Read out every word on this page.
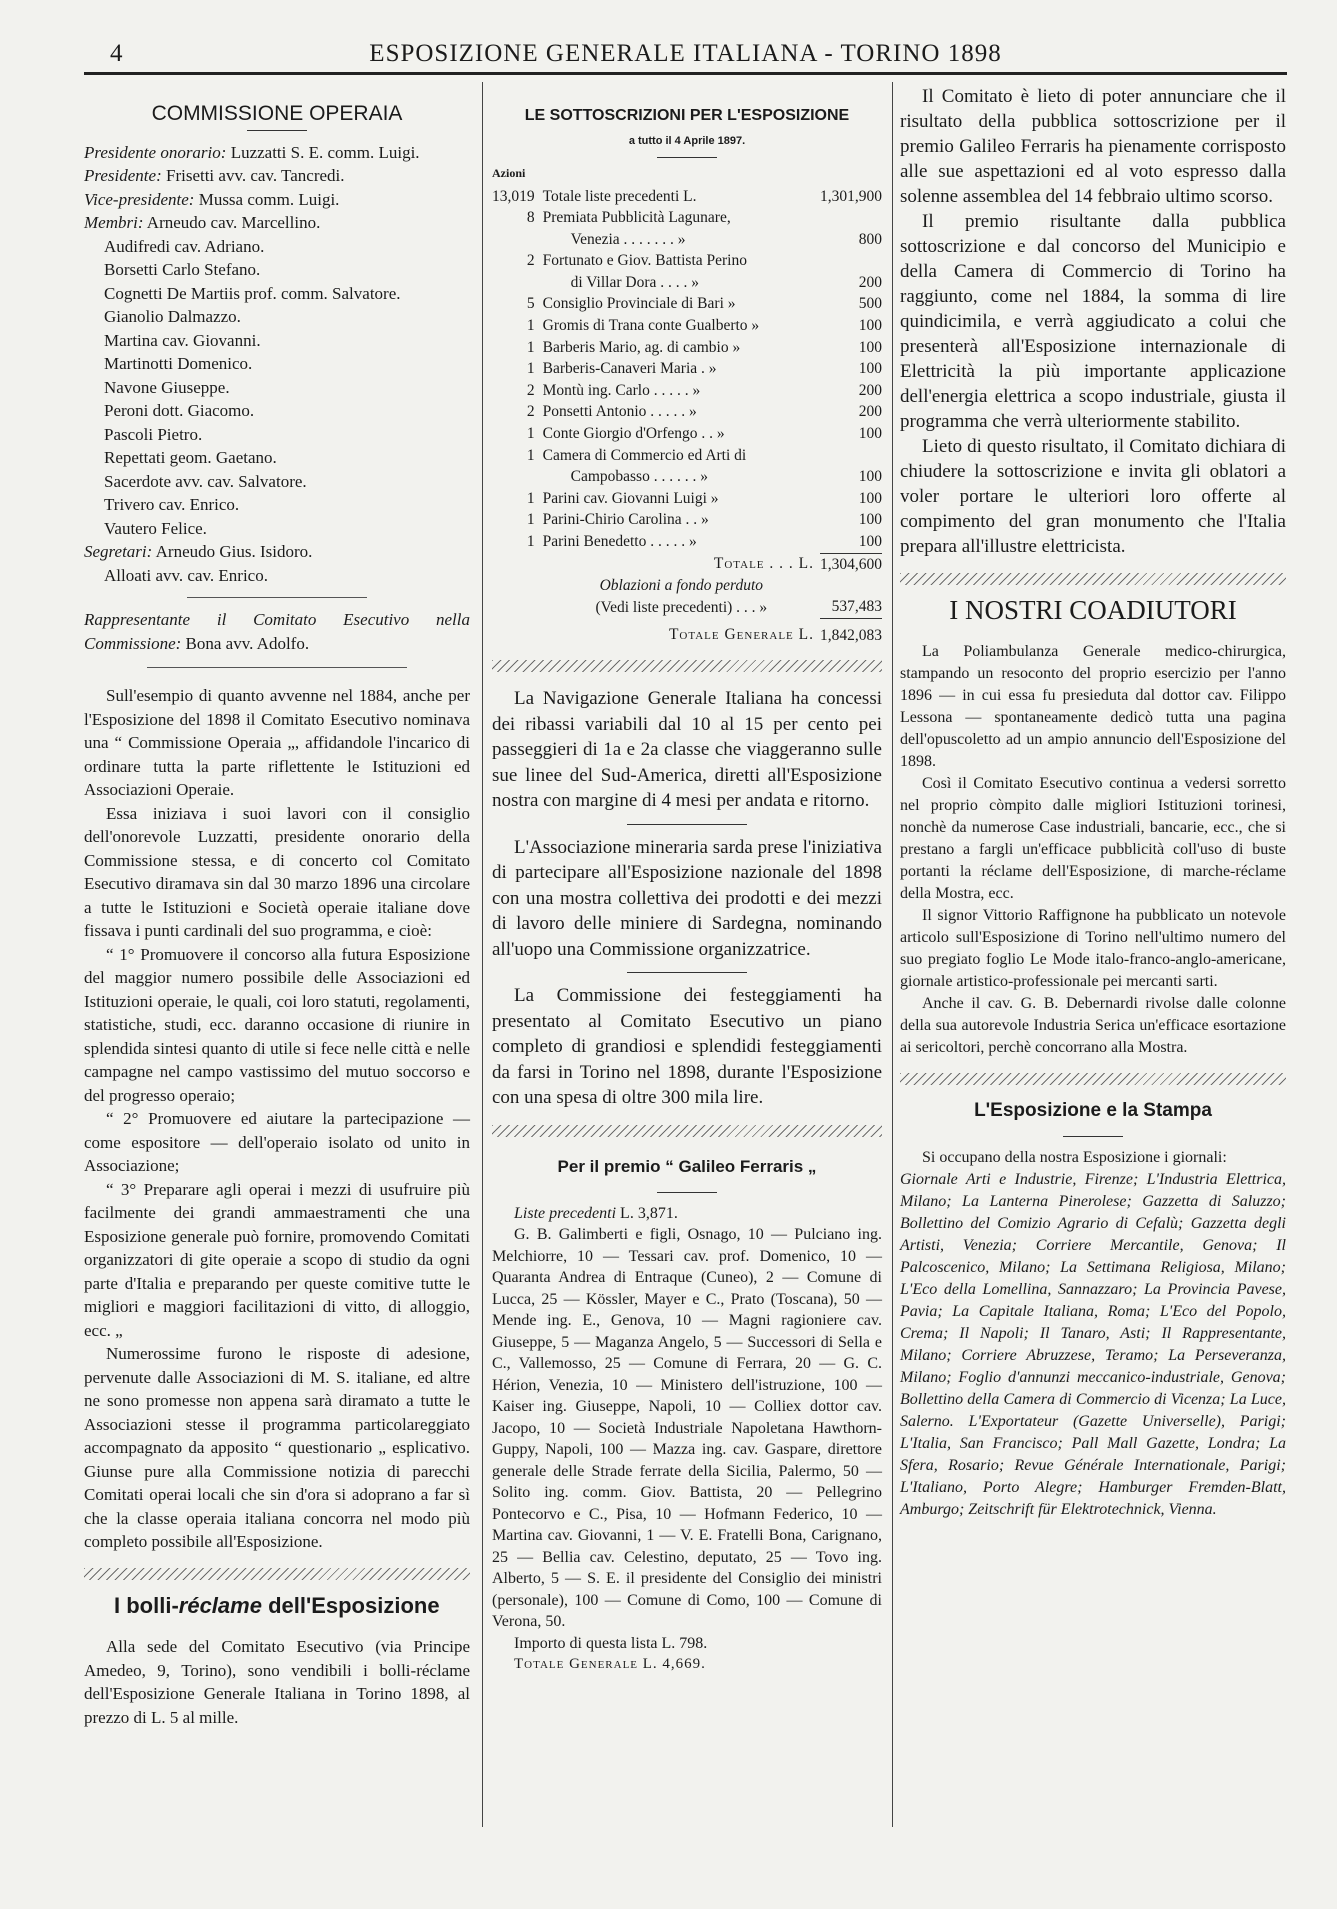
4	ESPOSIZIONE GENERALE ITALIANA - TORINO 1898
COMMISSIONE OPERAIA
Presidente onorario: Luzzatti S. E. comm. Luigi.
Presidente: Frisetti avv. cav. Tancredi.
Vice-presidente: Mussa comm. Luigi.
Membri: Arneudo cav. Marcellino.
Audifredi cav. Adriano.
Borsetti Carlo Stefano.
Cognetti De Martiis prof. comm. Salvatore.
Gianolio Dalmazzo.
Martina cav. Giovanni.
Martinotti Domenico.
Navone Giuseppe.
Peroni dott. Giacomo.
Pascoli Pietro.
Repettati geom. Gaetano.
Sacerdote avv. cav. Salvatore.
Trivero cav. Enrico.
Vautero Felice.
Segretari: Arneudo Gius. Isidoro.
Alloati avv. cav. Enrico.

Rappresentante il Comitato Esecutivo nella Commissione: Bona avv. Adolfo.

Sull'esempio di quanto avvenne nel 1884, anche per l'Esposizione del 1898 il Comitato Esecutivo nominava una “ Commissione Operaia „, affidandole l'incarico di ordinare tutta la parte riflettente le Istituzioni ed Associazioni Operaie.

Essa iniziava i suoi lavori con il consiglio dell'onorevole Luzzatti, presidente onorario della Commissione stessa, e di concerto col Comitato Esecutivo diramava sin dal 30 marzo 1896 una circolare a tutte le Istituzioni e Società operaie italiane dove fissava i punti cardinali del suo programma, e cioè:

“ 1° Promuovere il concorso alla futura Esposizione del maggior numero possibile delle Associazioni ed Istituzioni operaie, le quali, coi loro statuti, regolamenti, statistiche, studi, ecc. daranno occasione di riunire in splendida sintesi quanto di utile si fece nelle città e nelle campagne nel campo vastissimo del mutuo soccorso e del progresso operaio;

“ 2° Promuovere ed aiutare la partecipazione — come espositore — dell'operaio isolato od unito in Associazione;

“ 3° Preparare agli operai i mezzi di usufruire più facilmente dei grandi ammaestramenti che una Esposizione generale può fornire, promovendo Comitati organizzatori di gite operaie a scopo di studio da ogni parte d'Italia e preparando per queste comitive tutte le migliori e maggiori facilitazioni di vitto, di alloggio, ecc. „

Numerossime furono le risposte di adesione, pervenute dalle Associazioni di M. S. italiane, ed altre ne sono promesse non appena sarà diramato a tutte le Associazioni stesse il programma particolareggiato accompagnato da apposito “ questionario „ esplicativo. Giunse pure alla Commissione notizia di parecchi Comitati operai locali che sin d'ora si adoprano a far sì che la classe operaia italiana concorra nel modo più completo possibile all'Esposizione.

I bolli-réclame dell'Esposizione

Alla sede del Comitato Esecutivo (via Principe Amedeo, 9, Torino), sono vendibili i bolli-réclame dell'Esposizione Generale Italiana in Torino 1898, al prezzo di L. 5 al mille.

LE SOTTOSCRIZIONI PER L'ESPOSIZIONE
a tutto il 4 Aprile 1897.
Azioni
13,019	Totale liste precedenti L.	1,301,900
8	Premiata Pubblicità Lagunare,	
	Venezia . . . . . . . »	800
2	Fortunato e Giov. Battista Perino	
	di Villar Dora . . . . »	200
5	Consiglio Provinciale di Bari »	500
1	Gromis di Trana conte Gualberto »	100
1	Barberis Mario, ag. di cambio »	100
1	Barberis-Canaveri Maria . »	100
2	Montù ing. Carlo . . . . . »	200
2	Ponsetti Antonio . . . . . »	200
1	Conte Giorgio d'Orfengo . . »	100
1	Camera di Commercio ed Arti di	
	Campobasso . . . . . . »	100
1	Parini cav. Giovanni Luigi »	100
1	Parini-Chirio Carolina . . »	100
1	Parini Benedetto . . . . . »	100
	Totale . . . L.	1,304,600
	Oblazioni a fondo perduto
(Vedi liste precedenti) . . . »	537,483
	Totale Generale L.	1,842,083

La Navigazione Generale Italiana ha concessi dei ribassi variabili dal 10 al 15 per cento pei passeggieri di 1a e 2a classe che viaggeranno sulle sue linee del Sud-America, diretti all'Esposizione nostra con margine di 4 mesi per andata e ritorno.

L'Associazione mineraria sarda prese l'iniziativa di partecipare all'Esposizione nazionale del 1898 con una mostra collettiva dei prodotti e dei mezzi di lavoro delle miniere di Sardegna, nominando all'uopo una Commissione organizzatrice.

La Commissione dei festeggiamenti ha presentato al Comitato Esecutivo un piano completo di grandiosi e splendidi festeggiamenti da farsi in Torino nel 1898, durante l'Esposizione con una spesa di oltre 300 mila lire.

Per il premio “ Galileo Ferraris „

Liste precedenti L. 3,871.

G. B. Galimberti e figli, Osnago, 10 — Pulciano ing. Melchiorre, 10 — Tessari cav. prof. Domenico, 10 — Quaranta Andrea di Entraque (Cuneo), 2 — Comune di Lucca, 25 — Kössler, Mayer e C., Prato (Toscana), 50 — Mende ing. E., Genova, 10 — Magni ragioniere cav. Giuseppe, 5 — Maganza Angelo, 5 — Successori di Sella e C., Vallemosso, 25 — Comune di Ferrara, 20 — G. C. Hérion, Venezia, 10 — Ministero dell'istruzione, 100 — Kaiser ing. Giuseppe, Napoli, 10 — Colliex dottor cav. Jacopo, 10 — Società Industriale Napoletana Hawthorn-Guppy, Napoli, 100 — Mazza ing. cav. Gaspare, direttore generale delle Strade ferrate della Sicilia, Palermo, 50 — Solito ing. comm. Giov. Battista, 20 — Pellegrino Pontecorvo e C., Pisa, 10 — Hofmann Federico, 10 — Martina cav. Giovanni, 1 — V. E. Fratelli Bona, Carignano, 25 — Bellia cav. Celestino, deputato, 25 — Tovo ing. Alberto, 5 — S. E. il presidente del Consiglio dei ministri (personale), 100 — Comune di Como, 100 — Comune di Verona, 50.

Importo di questa lista L. 798.

Totale Generale L. 4,669.

Il Comitato è lieto di poter annunciare che il risultato della pubblica sottoscrizione per il premio Galileo Ferraris ha pienamente corrisposto alle sue aspettazioni ed al voto espresso dalla solenne assemblea del 14 febbraio ultimo scorso.

Il premio risultante dalla pubblica sottoscrizione e dal concorso del Municipio e della Camera di Commercio di Torino ha raggiunto, come nel 1884, la somma di lire quindicimila, e verrà aggiudicato a colui che presenterà all'Esposizione internazionale di Elettricità la più importante applicazione dell'energia elettrica a scopo industriale, giusta il programma che verrà ulteriormente stabilito.

Lieto di questo risultato, il Comitato dichiara di chiudere la sottoscrizione e invita gli oblatori a voler portare le ulteriori loro offerte al compimento del gran monumento che l'Italia prepara all'illustre elettricista.

I NOSTRI COADIUTORI

La Poliambulanza Generale medico-chirurgica, stampando un resoconto del proprio esercizio per l'anno 1896 — in cui essa fu presieduta dal dottor cav. Filippo Lessona — spontaneamente dedicò tutta una pagina dell'opuscoletto ad un ampio annuncio dell'Esposizione del 1898.

Così il Comitato Esecutivo continua a vedersi sorretto nel proprio còmpito dalle migliori Istituzioni torinesi, nonchè da numerose Case industriali, bancarie, ecc., che si prestano a fargli un'efficace pubblicità coll'uso di buste portanti la réclame dell'Esposizione, di marche-réclame della Mostra, ecc.

Il signor Vittorio Raffignone ha pubblicato un notevole articolo sull'Esposizione di Torino nell'ultimo numero del suo pregiato foglio Le Mode italo-franco-anglo-americane, giornale artistico-professionale pei mercanti sarti.

Anche il cav. G. B. Debernardi rivolse dalle colonne della sua autorevole Industria Serica un'efficace esortazione ai sericoltori, perchè concorrano alla Mostra.

L'Esposizione e la Stampa

Si occupano della nostra Esposizione i giornali:

Giornale Arti e Industrie, Firenze; L'Industria Elettrica, Milano; La Lanterna Pinerolese; Gazzetta di Saluzzo; Bollettino del Comizio Agrario di Cefalù; Gazzetta degli Artisti, Venezia; Corriere Mercantile, Genova; Il Palcoscenico, Milano; La Settimana Religiosa, Milano; L'Eco della Lomellina, Sannazzaro; La Provincia Pavese, Pavia; La Capitale Italiana, Roma; L'Eco del Popolo, Crema; Il Napoli; Il Tanaro, Asti; Il Rappresentante, Milano; Corriere Abruzzese, Teramo; La Perseveranza, Milano; Foglio d'annunzi meccanico-industriale, Genova; Bollettino della Camera di Commercio di Vicenza; La Luce, Salerno. L'Exportateur (Gazette Universelle), Parigi; L'Italia, San Francisco; Pall Mall Gazette, Londra; La Sfera, Rosario; Revue Générale Internationale, Parigi; L'Italiano, Porto Alegre; Hamburger Fremden-Blatt, Amburgo; Zeitschrift für Elektrotechnick, Vienna.
